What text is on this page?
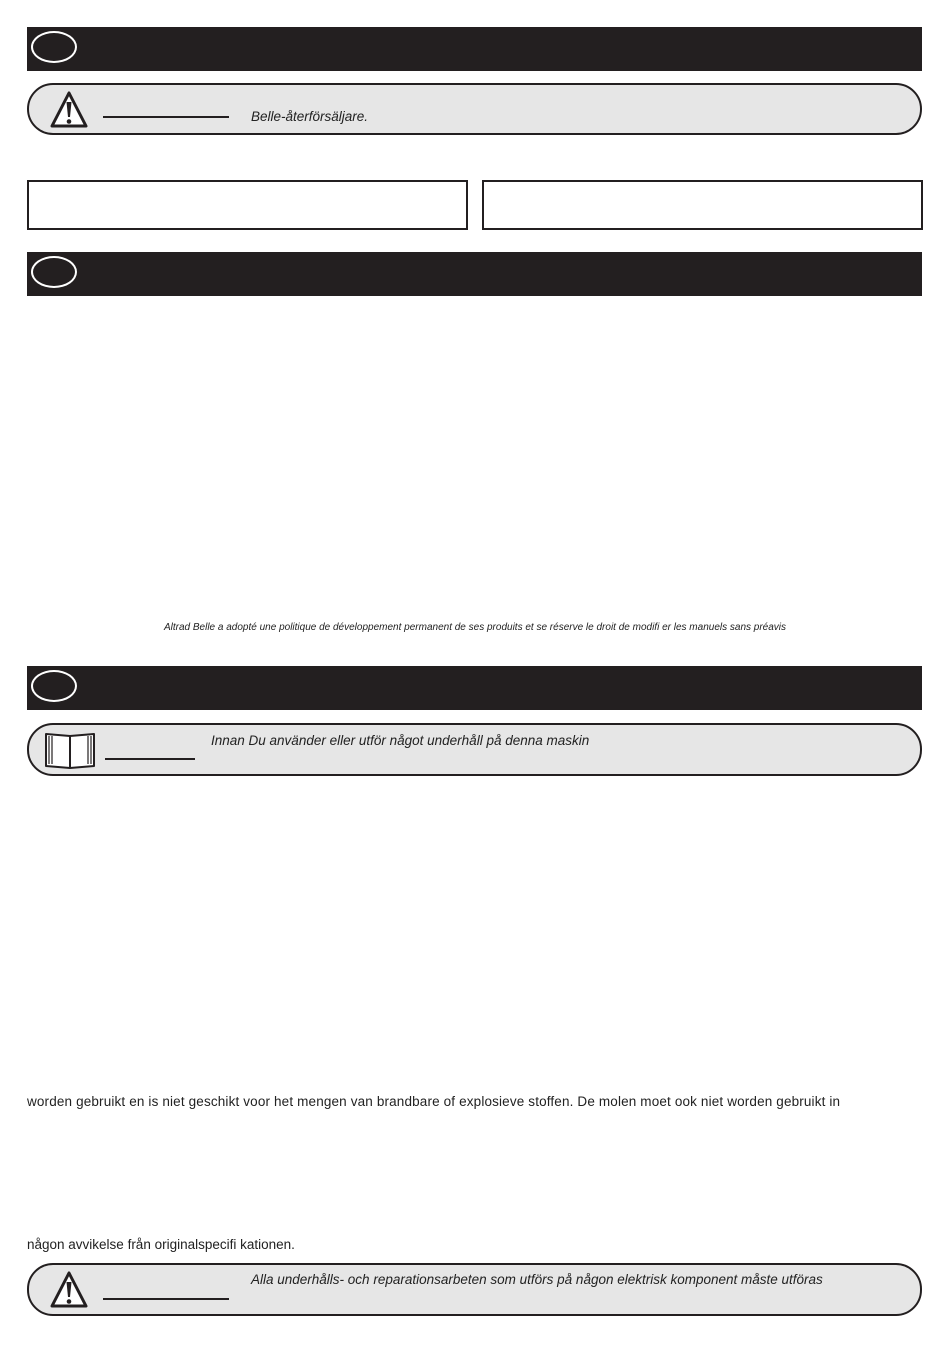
Belle-återförsäljare.
Altrad Belle a adopté une politique de développement permanent de ses produits et se réserve le droit de modifi er les manuels sans préavis
Innan Du använder eller utför något underhåll på denna maskin
worden gebruikt en is niet geschikt voor het mengen van brandbare of explosieve stoffen. De molen moet ook niet worden gebruikt in
någon avvikelse från originalspecifi kationen.
Alla underhålls- och reparationsarbeten som utförs på någon elektrisk komponent måste utföras
